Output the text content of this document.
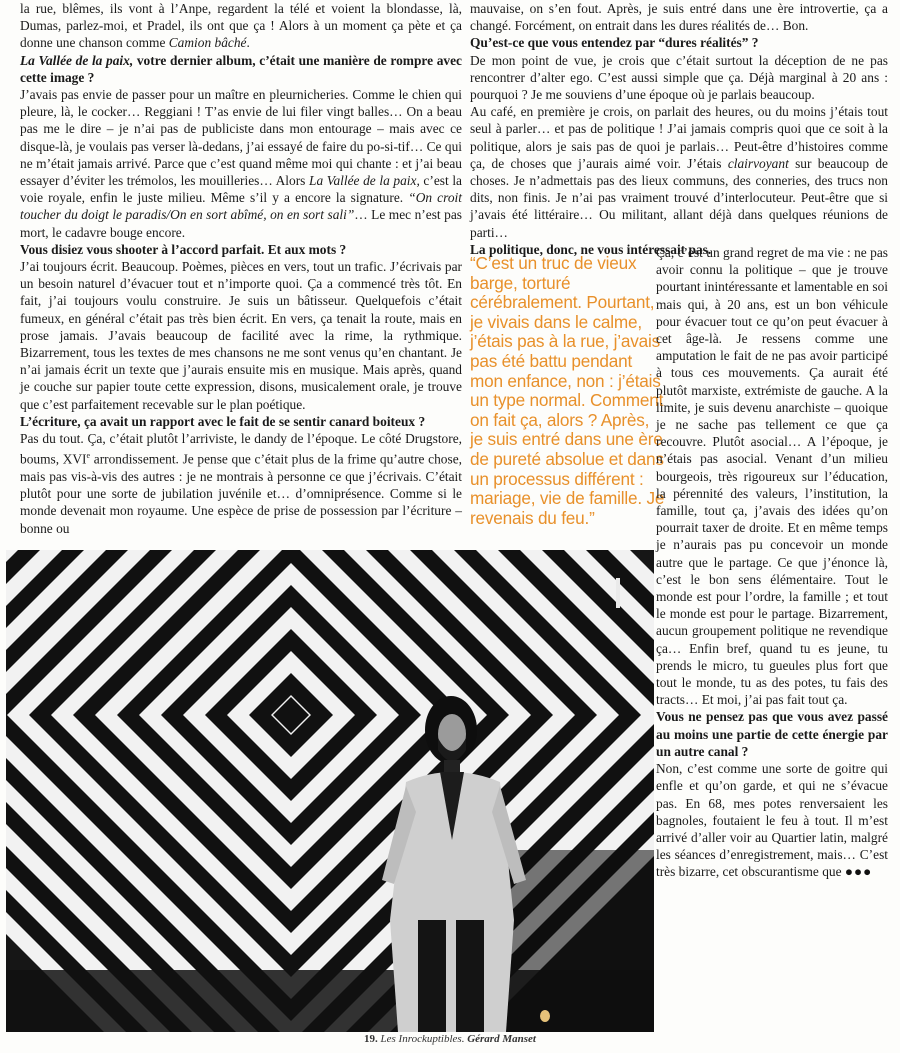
la rue, blêmes, ils vont à l’Anpe, regardent la télé et voient la blondasse, là, Dumas, parlez-moi, et Pradel, ils ont que ça ! Alors à un moment ça pète et ça donne une chanson comme Camion bâché.

La Vallée de la paix, votre dernier album, c’était une manière de rompre avec cette image ?

J’avais pas envie de passer pour un maître en pleurnicheries. Comme le chien qui pleure, là, le cocker… Reggiani ! T’as envie de lui filer vingt balles… On a beau pas me le dire – je n’ai pas de publiciste dans mon entourage – mais avec ce disque-là, je voulais pas verser là-dedans, j’ai essayé de faire du po-si-tif… Ce qui ne m’était jamais arrivé. Parce que c’est quand même moi qui chante : et j’ai beau essayer d’éviter les trémolos, les mouilleries… Alors La Vallée de la paix, c’est la voie royale, enfin le juste milieu. Même s’il y a encore la signature. “On croit toucher du doigt le paradis/On en sort abîmé, on en sort sali”… Le mec n’est pas mort, le cadavre bouge encore.

Vous disiez vous shooter à l’accord parfait. Et aux mots ?

J’ai toujours écrit. Beaucoup. Poèmes, pièces en vers, tout un trafic. J’écrivais par un besoin naturel d’évacuer tout et n’importe quoi. Ça a commencé très tôt. En fait, j’ai toujours voulu construire. Je suis un bâtisseur. Quelquefois c’était fumeux, en général c’était pas très bien écrit. En vers, ça tenait la route, mais en prose jamais. J’avais beaucoup de facilité avec la rime, la rythmique. Bizarrement, tous les textes de mes chansons ne me sont venus qu’en chantant. Je n’ai jamais écrit un texte que j’aurais ensuite mis en musique. Mais après, quand je couche sur papier toute cette expression, disons, musicalement orale, je trouve que c’est parfaitement recevable sur le plan poétique.

L’écriture, ça avait un rapport avec le fait de se sentir canard boiteux ?

Pas du tout. Ça, c’était plutôt l’arriviste, le dandy de l’époque. Le côté Drugstore, boums, XVIe arrondissement. Je pense que c’était plus de la frime qu’autre chose, mais pas vis-à-vis des autres : je ne montrais à personne ce que j’écrivais. C’était plutôt pour une sorte de jubilation juvénile et… d’omniprésence. Comme si le monde devenait mon royaume. Une espèce de prise de possession par l’écriture – bonne ou

mauvaise, on s’en fout. Après, je suis entré dans une ère introvertie, ça a changé. Forcément, on entrait dans les dures réalités de… Bon.

Qu’est-ce que vous entendez par “dures réalités” ?

De mon point de vue, je crois que c’était surtout la déception de ne pas rencontrer d’alter ego. C’est aussi simple que ça. Déjà marginal à 20 ans : pourquoi ? Je me souviens d’une époque où je parlais beaucoup.

Au café, en première je crois, on parlait des heures, ou du moins j’étais tout seul à parler… et pas de politique ! J’ai jamais compris quoi que ce soit à la politique, alors je sais pas de quoi je parlais… Peut-être d’histoires comme ça, de choses que j’aurais aimé voir. J’étais clairvoyant sur beaucoup de choses. Je n’admettais pas des lieux communs, des conneries, des trucs non dits, non finis. Je n’ai pas vraiment trouvé d’interlocuteur. Peut-être que si j’avais été littéraire… Ou militant, allant déjà dans quelques réunions de parti…

La politique, donc, ne vous intéressait pas.

“C’est un truc de vieux barge, torturé cérébralement. Pourtant, je vivais dans le calme, j’étais pas à la rue, j’avais pas été battu pendant mon enfance, non : j’étais un type normal. Comment on fait ça, alors ? Après, je suis entré dans une ère de pureté absolue et dans un processus différent : mariage, vie de famille. Je revenais du feu.”

Ça, c’est un grand regret de ma vie : ne pas avoir connu la politique – que je trouve pourtant inintéressante et lamentable en soi mais qui, à 20 ans, est un bon véhicule pour évacuer tout ce qu’on peut évacuer à cet âge-là. Je ressens comme une amputation le fait de ne pas avoir participé à tous ces mouvements. Ça aurait été plutôt marxiste, extrémiste de gauche. A la limite, je suis devenu anarchiste – quoique je ne sache pas tellement ce que ça recouvre. Plutôt asocial… A l’époque, je n’étais pas asocial. Venant d’un milieu bourgeois, très rigoureux sur l’éducation, la pérennité des valeurs, l’institution, la famille, tout ça, j’avais des idées qu’on pourrait taxer de droite. Et en même temps je n’aurais pas pu concevoir un monde autre que le partage. Ce que j’énonce là, c’est le bon sens élémentaire. Tout le monde est pour l’ordre, la famille ; et tout le monde est pour le partage. Bizarrement, aucun groupement politique ne revendique ça… Enfin bref, quand tu es jeune, tu prends le micro, tu gueules plus fort que tout le monde, tu as des potes, tu fais des tracts… Et moi, j’ai pas fait tout ça.

Vous ne pensez pas que vous avez passé au moins une partie de cette énergie par un autre canal ?

Non, c’est comme une sorte de goitre qui enfle et qu’on garde, et qui ne s’évacue pas. En 68, mes potes renversaient les bagnoles, foutaient le feu à tout. Il m’est arrivé d’aller voir au Quartier latin, malgré les séances d’enregistrement, mais… C’est très bizarre, cet obscurantisme que ●●●

19. Les Inrockuptibles. Gérard Manset
